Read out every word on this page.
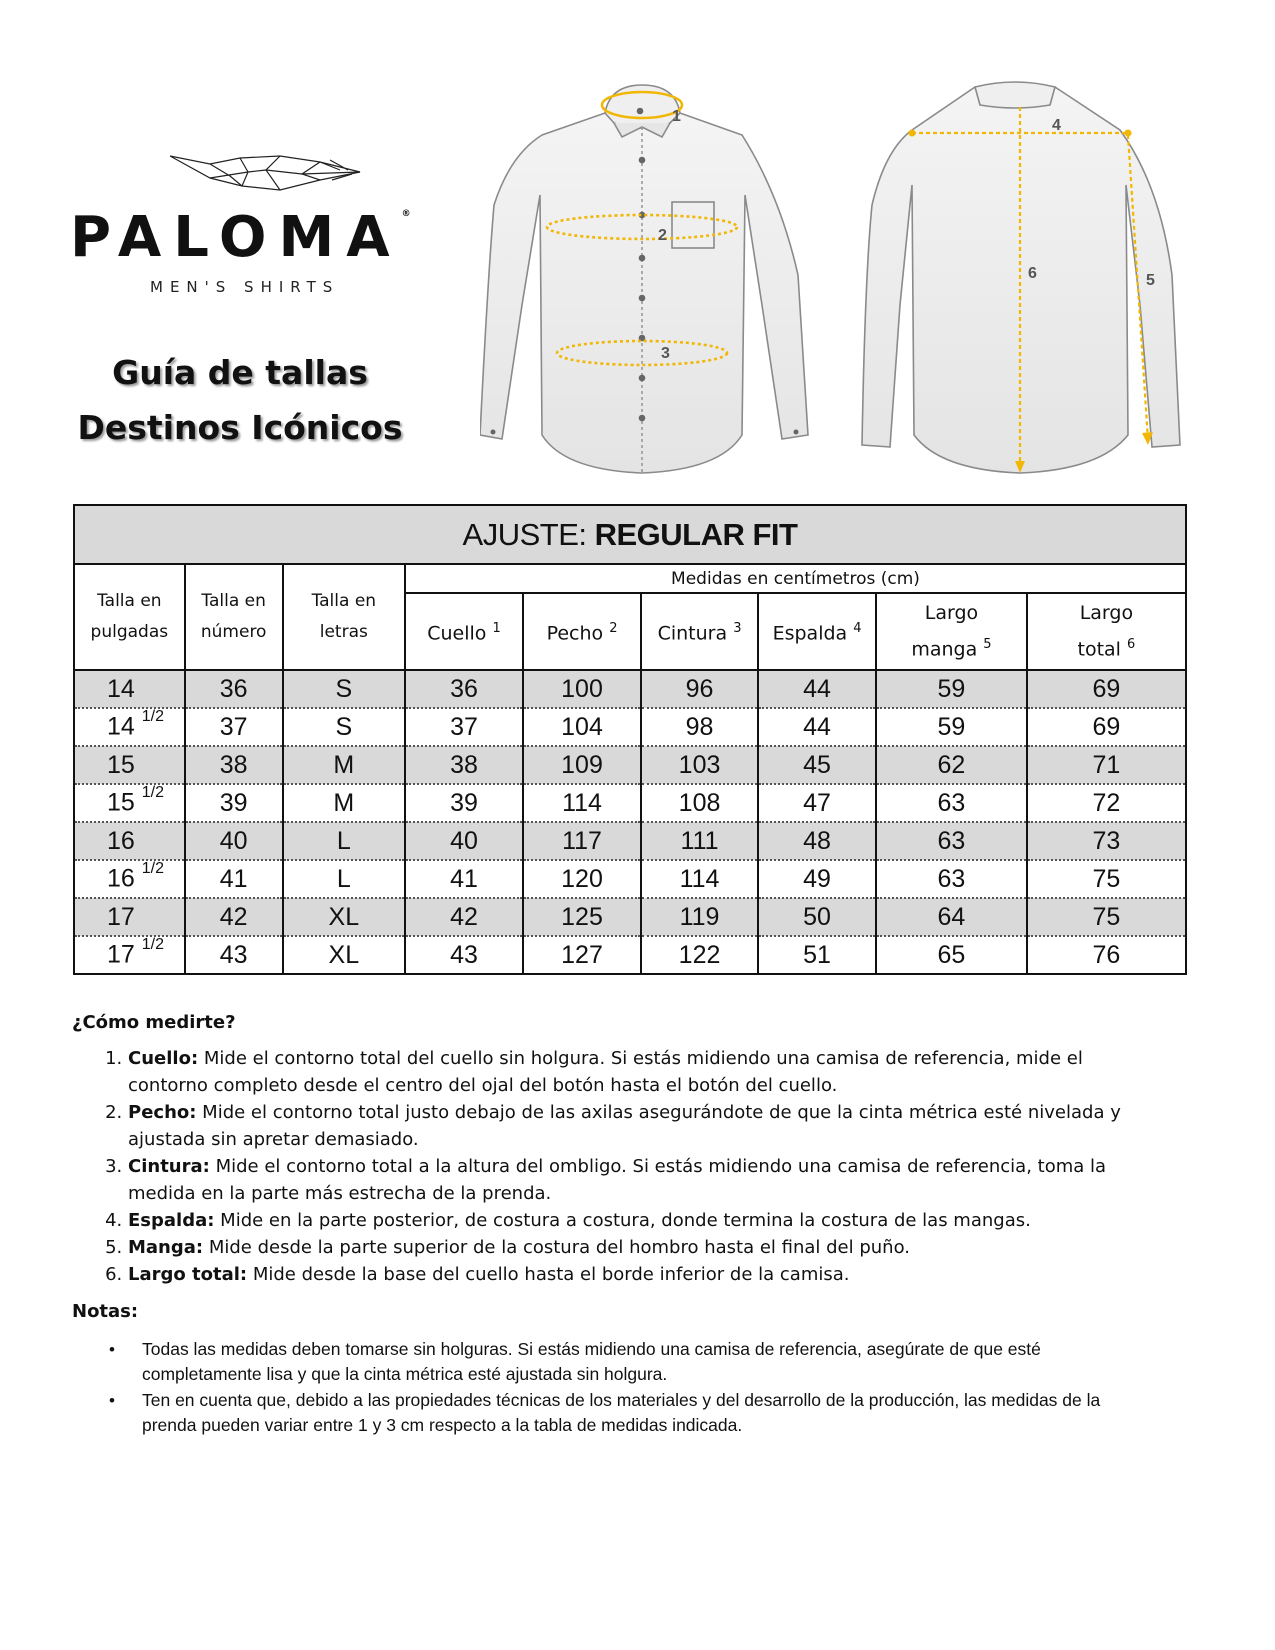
PALOMA®
MEN'S SHIRTS
Guía de tallas
Destinos Icónicos
1
2
3
4
5
6
AJUSTE: REGULAR FIT								
Talla en pulgadas	Talla en número	Talla en letras	Medidas en centímetros (cm)					
			Cuello $^1$	Pecho $^2$	Cintura $^3$	Espalda $^4$	Largo manga $^5$	Largo total $^6$
14	36	S	36	100	96	44	59	69
14 $^{1/2}$	37	S	37	104	98	44	59	69
15	38	M	38	109	103	45	62	71
15 $^{1/2}$	39	M	39	114	108	47	63	72
16	40	L	40	117	111	48	63	73
16 $^{1/2}$	41	L	41	120	114	49	63	75
17	42	XL	42	125	119	50	64	75
17 $^{1/2}$	43	XL	43	127	122	51	65	76
¿Cómo medirte?
1. Cuello: Mide el contorno total del cuello sin holgura. Si estás midiendo una camisa de referencia, mide el contorno completo desde el centro del ojal del botón hasta el botón del cuello.
2. Pecho: Mide el contorno total justo debajo de las axilas asegurándote de que la cinta métrica esté nivelada y ajustada sin apretar demasiado.
3. Cintura: Mide el contorno total a la altura del ombligo. Si estás midiendo una camisa de referencia, toma la medida en la parte más estrecha de la prenda.
4. Espalda: Mide en la parte posterior, de costura a costura, donde termina la costura de las mangas.
5. Manga: Mide desde la parte superior de la costura del hombro hasta el final del puño.
6. Largo total: Mide desde la base del cuello hasta el borde inferior de la camisa.
Notas:
• Todas las medidas deben tomarse sin holguras. Si estás midiendo una camisa de referencia, asegúrate de que esté completamente lisa y que la cinta métrica esté ajustada sin holgura.
• Ten en cuenta que, debido a las propiedades técnicas de los materiales y del desarrollo de la producción, las medidas de la prenda pueden variar entre 1 y 3 cm respecto a la tabla de medidas indicada.
